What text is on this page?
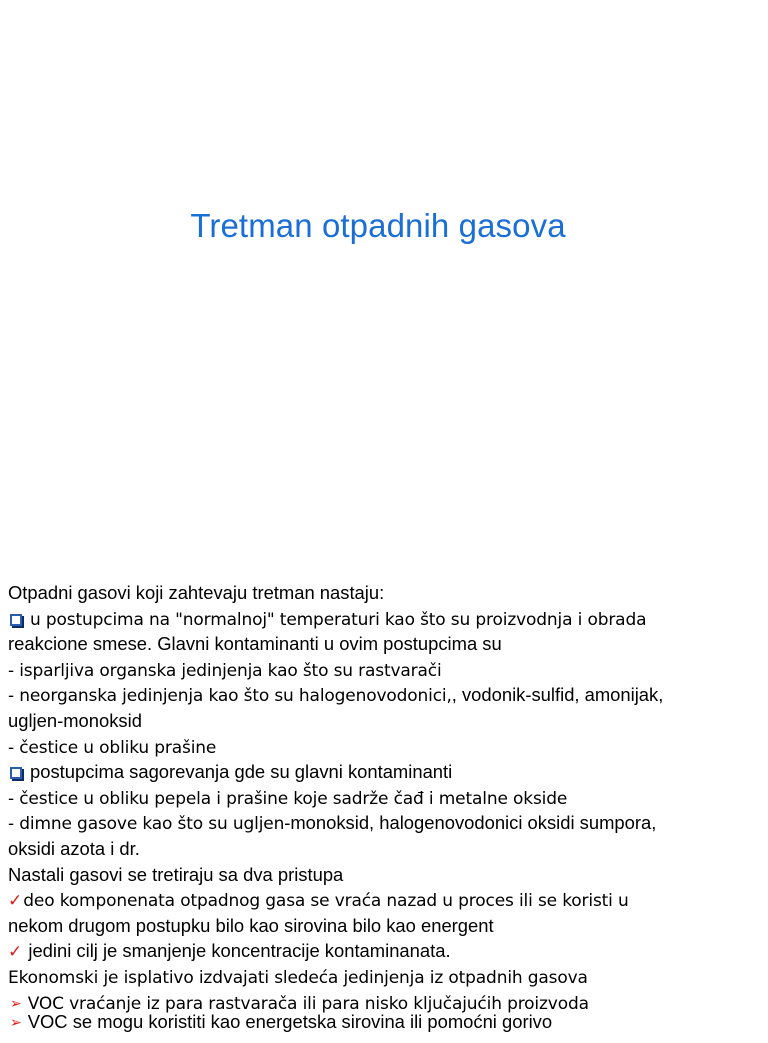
Tretman otpadnih gasova
Otpadni gasovi koji zahtevaju tretman nastaju:
u postupcima na "normalnoj" temperaturi kao što su proizvodnja i obrada
reakcione smese. Glavni kontaminanti u ovim postupcima su
- isparljiva organska jedinjenja kao što su rastvarači
- neorganska jedinjenja kao što su halogenovodonici,, vodonik-sulfid, amonijak,
ugljen-monoksid
- čestice u obliku prašine
postupcima sagorevanja gde su glavni kontaminanti
- čestice u obliku pepela i prašine koje sadrže čađ i metalne okside
- dimne gasove kao što su ugljen-monoksid, halogenovodonici oksidi sumpora,
oksidi azota i dr.
Nastali gasovi se tretiraju sa dva pristupa
✓deo komponenata otpadnog gasa se vraća nazad u proces ili se koristi u
nekom drugom postupku bilo kao sirovina bilo kao energent
✓ jedini cilj je smanjenje koncentracije kontaminanata.
Ekonomski je isplativo izdvajati sledeća jedinjenja iz otpadnih gasova
➢ VOC vraćanje iz para rastvarača ili para nisko ključajućih proizvoda
➢ VOC se mogu koristiti kao energetska sirovina ili pomoćni gorivo
